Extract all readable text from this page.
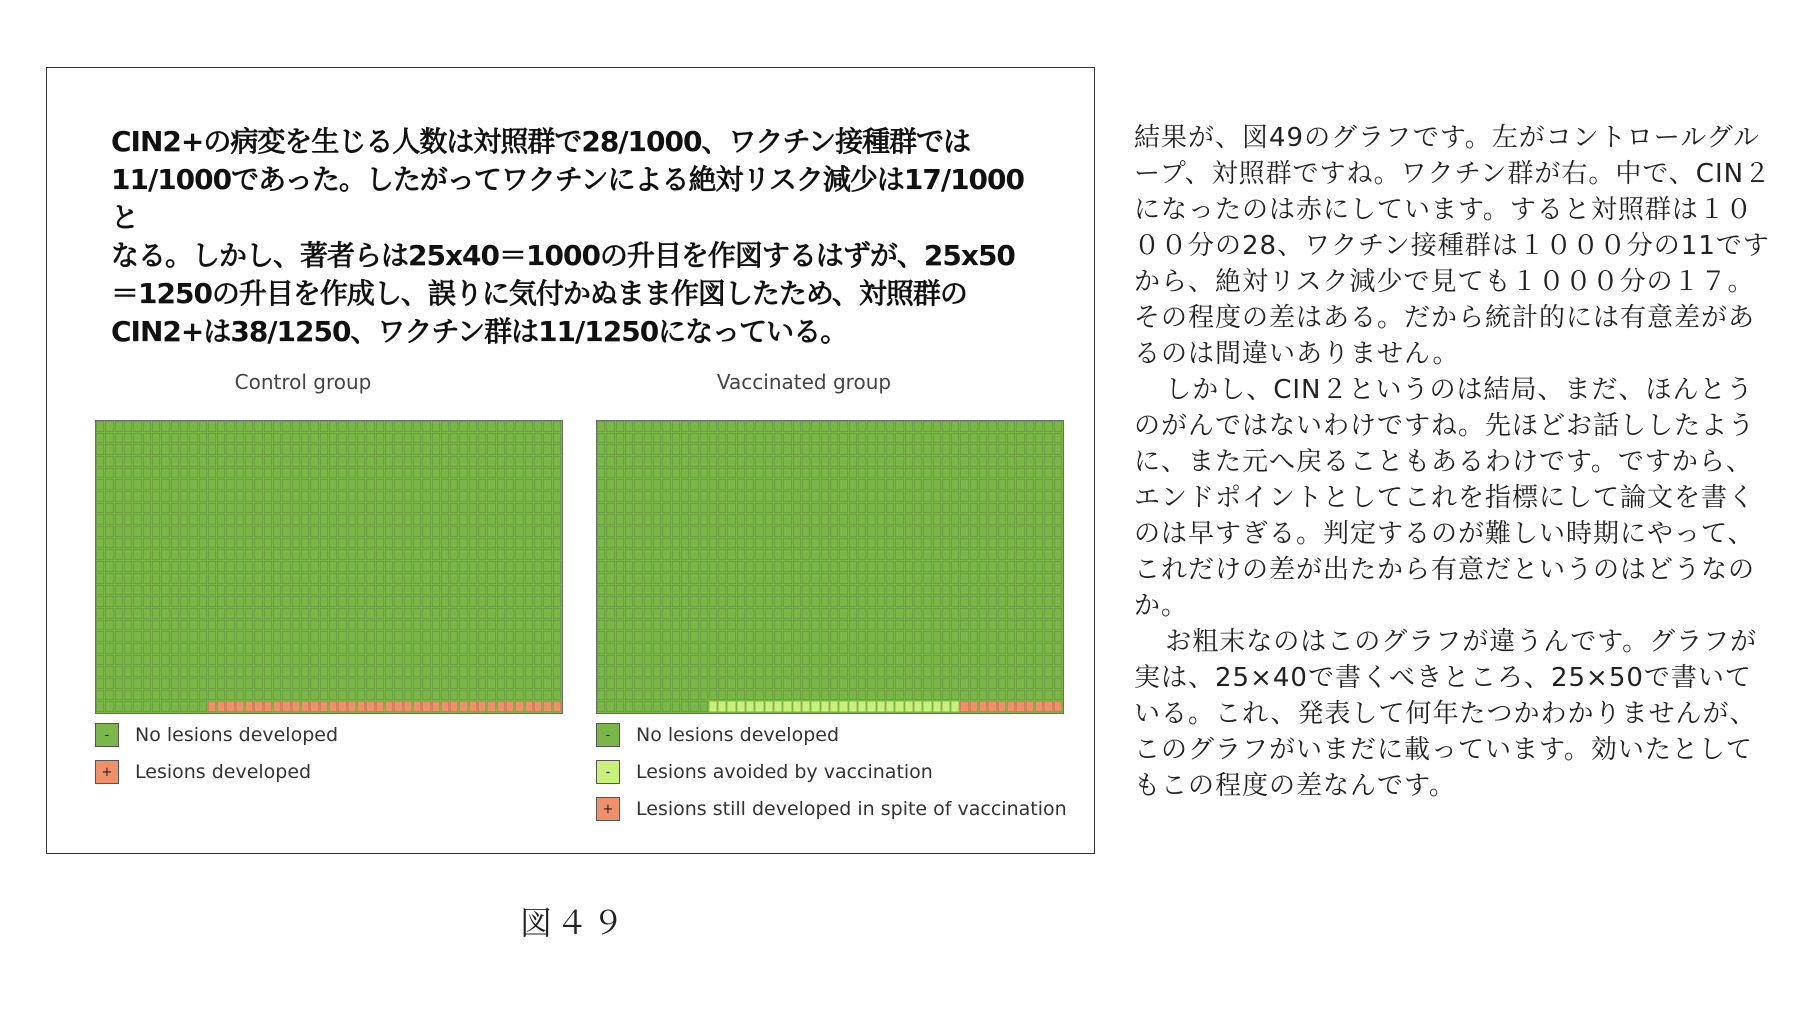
CIN2+の病変を生じる人数は対照群で28/1000、ワクチン接種群では
11/1000であった。したがってワクチンによる絶対リスク減少は17/1000と
なる。しかし、著者らは25x40＝1000の升目を作図するはずが、25x50
＝1250の升目を作成し、誤りに気付かぬまま作図したため、対照群の
CIN2+は38/1250、ワクチン群は11/1250になっている。
Control group	Vaccinated group
-	No lesions developed
+	Lesions developed
-	No lesions developed
-	Lesions avoided by vaccination
+	Lesions still developed in spite of vaccination

結果が、図49のグラフです。左がコントロールグループ、対照群ですね。ワクチン群が右。中で、CIN２になったのは赤にしています。すると対照群は１０００分の28、ワクチン接種群は１０００分の11ですから、絶対リスク減少で見ても１０００分の１７。その程度の差はある。だから統計的には有意差があるのは間違いありません。

しかし、CIN２というのは結局、まだ、ほんとうのがんではないわけですね。先ほどお話ししたように、また元へ戻ることもあるわけです。ですから、エンドポイントとしてこれを指標にして論文を書くのは早すぎる。判定するのが難しい時期にやって、これだけの差が出たから有意だというのはどうなのか。

お粗末なのはこのグラフが違うんです。グラフが実は、25×40で書くべきところ、25×50で書いている。これ、発表して何年たつかわかりませんが、このグラフがいまだに載っています。効いたとしてもこの程度の差なんです。

図４９
